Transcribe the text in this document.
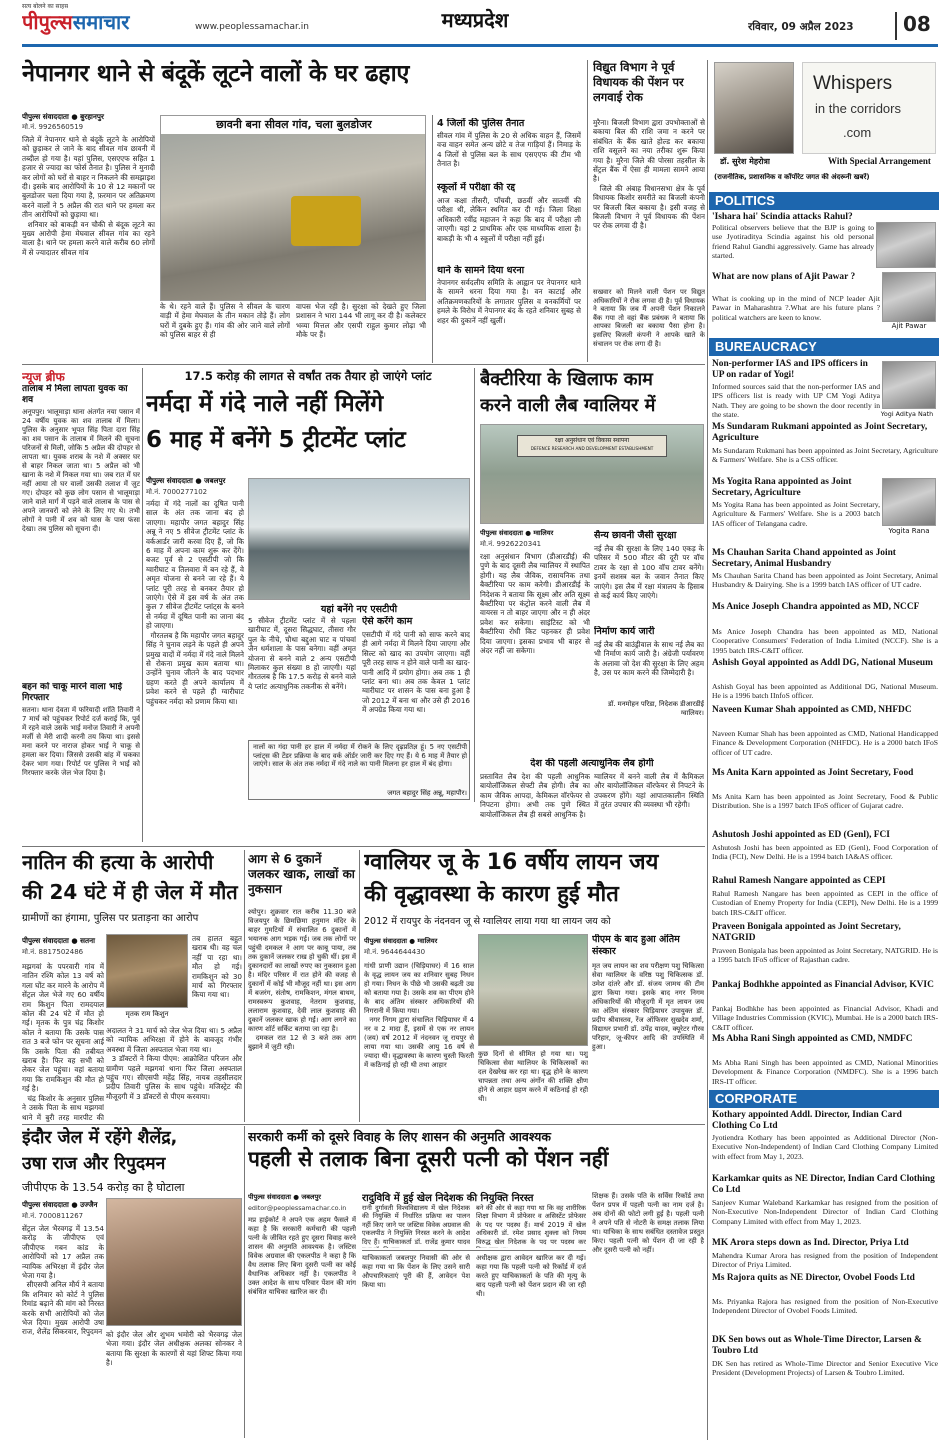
सत्य बोलने का साहस
पीपुल्ससमाचार	www.peoplessamachar.in	मध्यप्रदेश	रविवार, 09 अप्रैल 2023	08
नेपानगर थाने से बंदूकें लूटने वालों के घर ढहाए
पीपुल्स संवाददाता ● बुरहानपुर
मो.नं. 9926560519
जिले में नेपानगर थाने से बंदूकें लूटने के आरोपियों को छुड़ाकर ले जाने के बाद सीवल गांव छावनी में तब्दील हो गया है। यहां पुलिस, एसएएफ सहित 1 हजार से ज्यादा का फोर्स तैनात है। पुलिस ने मुनादी कर लोगों को घरों से बाहर न निकलने की समझाइश दी। इसके बाद आरोपियों के 10 से 12 मकानों पर बुलडोजर चला दिया गया है, फ़रमान पर अतिक्रमण करने वालों ने 5 अप्रैल की रात थाने पर हमला कर तीन आरोपियों को छुड़ाया था।
शनिवार को बाकड़ी वन चौकी से बंदूक लूटने का मुख्य आरोपी हेमा मेघवाल सीवल गांव का रहने वाला है। थाने पर हमला करने वाले करीब 60 लोगों में से ज्यादातर सीवल गांव
छावनी बना सीवल गांव, चला बुलडोजर
के थे। रहने वाले हैं। पुलिस ने सीवल के चारण वाड़ी में हेमा मेघवाल के तीन मकान तोड़े हैं। लोग घरों में दुबके हुए हैं। गांव की ओर जाने वाले लोगों को पुलिस बाहर से ही
वापस भेज रही है। सुरक्षा को देखते हुए जिला प्रशासन ने भारा 144 भी लागू कर दी है। कलेक्टर भव्या मित्तल और एसपी राहुल कुमार लोढ़ा भी मौके पर हैं।
4 जिलों की पुलिस तैनात
सीवल गांव में पुलिस के 20 से अधिक वाहन हैं, जिसमें वज्र वाहन समेत अन्य छोटे व तेज गाड़ियां हैं। निमाड़ के 4 जिलों से पुलिस बल के साथ एसएएफ की टीम भी तैनात है।
स्कूलों में परीक्षा की रद्द
आज कक्षा तीसरी, पाँचवी, छठवीं और सातवीं की परीक्षा थी, लेकिन स्थगित कर दी गई। जिला शिक्षा अधिकारी रवींद्र महाजन ने कहा कि बाद में परीक्षा ली जाएगी। यहां 2 प्राथमिक और एक माध्यमिक शाला है। बाकड़ी के भी 4 स्कूलों में परीक्षा नहीं हुई।
थाने के सामने दिया धरना
नेपानगर सर्वदलीय समिति के आह्वान पर नेपानगर थाने के सामने धरना दिया गया है। वन काटाई और अतिक्रमणकारियों के लगातार पुलिस व वनकर्मियों पर हमले के विरोध में नेपानगर बंद के रहते शनिवार सुबह से शहर की दुकानें नहीं खुलीं।
विद्युत विभाग ने पूर्व विधायक की पेंशन पर लगवाई रोक
मुरैना। बिजली विभाग द्वारा उपभोक्ताओं से बकाया बिल की राशि जमा न करने पर संबंधित के बैंक खाते होल्ड कर बकाया राशि वसूलने का नया तरीका शुरू किया गया है। मुरैना जिले की पोरसा तहसील के सेंट्रल बैंक में ऐसा ही मामला सामने आया है।
जिले की अंबाह विधानसभा क्षेत्र के पूर्व विधायक किशोर समरीते का बिजली कंपनी पर बिजली बिल बकाया है। इसी वजह से बिजली विभाग ने पूर्व विधायक की पेंशन पर रोक लगवा दी है।
सखवार को मिलने वाली पेंशन पर विद्युत अधिकारियों ने रोक लगवा दी है। पूर्व विधायक ने बताया कि जब मैं अपनी पेंशन निकालने बैंक गया तो वहां बैंक प्रबंधक ने बताया कि आपका बिजली का बकाया पैसा होना है। इसलिए बिजली कंपनी ने आपके खाते के संचालन पर रोक लगा दी है।
Whispers
in the corridors
.com
डॉ. सुरेश मेहरोत्रा	With Special Arrangement
(राजनीतिक, प्रशासनिक व कॉर्पोरेट जगत की अंदरूनी खबरें)
POLITICS
'Ishara hai' Scindia attacks Rahul?
Political observers believe that the BJP is going to use Jyotiraditya Scindia against his old personal friend Rahul Gandhi aggressively. Game has already started.
What are now plans of Ajit Pawar ?
What is cooking up in the mind of NCP leader Ajit Pawar in Maharashtra ?.What are his future plans ? political watchers are keen to know.
Ajit Pawar
BUREAUCRACY
Non-performer IAS and IPS officers in UP on radar of Yogi!
Informed sources said that the non-performer IAS and IPS officers list is ready with UP CM Yogi Aditya Nath. They are going to be shown the door recently in the state.	Yogi Aditya Nath
Ms Sundaram Rukmani appointed as Joint Secretary, Agriculture
Ms Sundaram Rukmani has been appointed as Joint Secretary, Agriculture & Farmers' Welfare. She is a CSS officer.
Ms Yogita Rana appointed as Joint Secretary, Agriculture
Ms Yogita Rana has been appointed as Joint Secretary, Agriculture & Farmers' Welfare. She is a 2003 batch IAS officer of Telangana cadre.
Yogita Rana
Ms Chauhan Sarita Chand appointed as Joint Secretary, Animal Husbandry
Ms Chauhan Sarita Chand has been appointed as Joint Secretary, Animal Husbandry & Dairying. She is a 1999 batch IAS officer of UT cadre.
Ms Anice Joseph Chandra appointed as MD, NCCF
Ms Anice Joseph Chandra has been appointed as MD, National Cooperative Consumers' Federation of India Limited (NCCF). She is a 1995 batch IRS-C&IT officer.
Ashish Goyal appointed as Addl DG, National Museum
Ashish Goyal has been appointed as Additional DG, National Museum. He is a 1996 batch IInfoS officer.
Naveen Kumar Shah appointed as CMD, NHFDC
Naveen Kumar Shah has been appointed as CMD, National Handicapped Finance & Development Corporation (NHFDC). He is a 2000 batch IFoS officer of UT cadre.
Ms Anita Karn appointed as Joint Secretary, Food
Ms Anita Karn has been appointed as Joint Secretary, Food & Public Distribution. She is a 1997 batch IFoS officer of Gujarat cadre.
Ashutosh Joshi appointed as ED (Genl), FCI
Ashutosh Joshi has been appointed as ED (Genl), Food Corporation of India (FCI), New Delhi. He is a 1994 batch IA&AS officer.
Rahul Ramesh Nangare appointed as CEPI
Rahul Ramesh Nangare has been appointed as CEPI in the office of Custodian of Enemy Property for India (CEPI), New Delhi. He is a 1999 batch IRS-C&IT officer.
Praveen Bonigala appointed as Joint Secretary, NATGRID
Praveen Bonigala has been appointed as Joint Secretary, NATGRID. He is a 1995 batch IFoS officer of Rajasthan cadre.
Pankaj Bodhkhe appointed as Financial Advisor, KVIC
Pankaj Bodhkhe has been appointed as Financial Advisor, Khadi and Village Industries Commission (KVIC), Mumbai. He is a 2000 batch IRS-C&IT officer.
Ms Abha Rani Singh appointed as CMD, NMDFC
Ms Abha Rani Singh has been appointed as CMD, National Minorities Development & Finance Corporation (NMDFC). She is a 1996 batch IRS-IT officer.
CORPORATE
Kothary appointed Addl. Director, Indian Card Clothing Co Ltd
Jyotiendra Kothary has been appointed as Additional Director (Non-Executive Non-Independent) of Indian Card Clothing Company Limited with effect from May 1, 2023.
Karkamkar quits as NE Director, Indian Card Clothing Co Ltd
Sanjeev Kumar Waleband Karkamkar has resigned from the position of Non-Executive Non-Independent Director of Indian Card Clothing Company Limited with effect from May 1, 2023.
MK Arora steps down as Ind. Director, Priya Ltd
Mahendra Kumar Arora has resigned from the position of Independent Director of Priya Limited.
Ms Rajora quits as NE Director, Ovobel Foods Ltd
Ms. Priyanka Rajora has resigned from the position of Non-Executive Independent Director of Ovobel Foods Limited.
DK Sen bows out as Whole-Time Director, Larsen & Toubro Ltd
DK Sen has retired as Whole-Time Director and Senior Executive Vice President (Development Projects) of Larsen & Toubro Limited.
न्यूज ब्रीफ
तालाब में मिला लापता युवक का शव
अनूपपुर। भालूमाड़ा थाना अंतर्गत नया पसान में 24 वर्षीय युवक का शव तालाब में मिला। पुलिस के अनुसार भूपत सिंह पिता दारा सिंह का शव पसान के तालाब में मिलने की सूचना परिजनों से मिली, जोकि 5 अप्रैल की दोपहर से लापता था। युवक शराब के नशे में अक्सर घर से बाहर निकल जाता था। 5 अप्रैल को भी खाना के नशे में निकल गया था। जब रात में घर नहीं आया तो घर वालों उसकी तलाश में जुट गए। दोपहर को कुछ लोग पसान से भालूमाड़ा जाने वाले मार्ग में पड़ने वाले तालाब के पास से अपने जानवरों को लेने के लिए गए थे। तभी लोगों ने पानी में शव को घास के पास फंसा देखा। तब पुलिस को सूचना दी।
बहन को चाकू मारने वाला भाई गिरफ्तार
सतना। थाना देवता में फरियादी शांति तिवारी ने 7 मार्च को पहुंचकर रिपोर्ट दर्ज कराई कि, पूर्व में रहने वाले उसके भाई मनोज तिवारी ने अपनी मर्जी से मेरी शादी करनी तय किया था। इससे मना करने पर नाराज होकर भाई ने चाकू से हमला कर दिया। जिससे उसकी बांह में चकका देकर भाग गया। रिपोर्ट पर पुलिस ने भाई को गिरफ्तार करके जेल भेज दिया है।
17.5 करोड़ की लागत से वर्षांत तक तैयार हो जाएंगे प्लांट
नर्मदा में गंदे नाले नहीं मिलेंगे
6 माह में बनेंगे 5 ट्रीटमेंट प्लांट
पीपुल्स संवाददाता ● जबलपुर
मो.नं. 7000277102
नर्मदा में गंदे नालों का दूषित पानी साल के अंत तक जाना बंद हो जाएगा। महापौर जगत बहादुर सिंह अन्नू ने नए 5 सीवेज ट्रीटमेंट प्लांट के वर्कआर्डर जारी करवा दिए हैं, जो कि 6 माह में अपना काम शुरू कर देंगे। बजट पूर्व से 2 एसटीपी जो कि ग्वारीघाट व तिलवारा में बन रहे हैं, वे अमृत योजना से बनने जा रहे हैं। ये प्लांट पूरी तरह से बनकर तैयार हो जाएंगे। ऐसे में इस वर्ष के अंत तक कुल 7 सीवेज ट्रीटमेंट प्लांट्स के बनने से नर्मदा में दूषित पानी का जाना बंद हो जाएगा।
गौरतलब है कि महापौर जगत बहादुर सिंह ने चुनाव लड़ने के पहले ही अपने प्रमुख वादों में नर्मदा में गंदे नाले मिलने से रोकना प्रमुख काम बताया था। उन्होंने चुनाव जीतने के बाद पदभार ग्रहण करते ही अपने कार्यालय में प्रवेश करने से पहले ही ग्वारीघाट पहुंचकर नर्मदा को प्रणाम किया था।
यहां बनेंगे नए एसटीपी
5 सीवेज ट्रीटमेंट प्लांट में से पहला खारीघाट में, दूसरा सिद्धघाट, तीसरा गौर पुल के नीचे, चौथा बद्दुआ घाट व पांचवां जैन धर्मशाला के पास बनेगा। वहीं अमृत योजना से बनने वाले 2 अन्य एसटीपी मिलाकर कुल संख्या 8 हो जाएगी। यहां गौरतलब है कि 17.5 करोड़ से बनने वाले ये प्लांट अत्याधुनिक तकनीक से बनेंगे।
ऐसे करेंगे काम
एसटीपी में गंदे पानी को साफ करने बाद ही आगे नर्मदा में मिलने दिया जाएगा और सिल्ट को खाद का उपयोग जाएगा। वहीं पूरी तरह साफ न होने वाले पानी का खाद-पानी आदि में प्रयोग होगा। अब तक 1 ही प्लांट बना था। अब तक केवल 1 प्लांट ग्वारीघाट पर शासन के पास बना हुआ है जो 2012 में बना था और उसे ही 2016 में अपग्रेड किया गया था।
नालों का गंदा पानी हर हाल में नर्मदा में रोकने के लिए दृढ़प्रतिज्ञ हूं। 5 नए एसटीपी प्लांट्स की टेंडर प्रक्रिया के बाद वर्क ऑर्डर जारी कर दिए गए हैं। ये 6 माह में तैयार हो जाएंगे। साल के अंत तक नर्मदा में गंदे नाले का पानी मिलना हर हाल में बंद होगा।
जगत बहादुर सिंह अन्नू, महापौर।
बैक्टीरिया के खिलाफ काम
करने वाली लैब ग्वालियर में
रक्षा अनुसंधान एवं विकास स्थापना
DEFENCE RESEARCH AND DEVELOPMENT ESTABLISHMENT
पीपुल्स संवाददाता ● ग्वालियर
मो.नं. 9926220341
रक्षा अनुसंधान विभाग (डीआरडीई) की पुणे के बाद दूसरी लैब ग्वालियर में स्थापित होगी। यह लैब जैविक, रासायनिक तथा बैक्टीरिया पर काम करेगी। डीआरडीई के निदेशक ने बताया कि सूक्ष्म और अति सूक्ष्म बैक्टीरिया पर कंट्रोल करने वाली लैब में वायरस न तो बाहर जाएगा और न ही अंदर प्रवेश कर सकेगा। साइंटिस्ट को भी बैक्टीरिया रोधी किट पहनकर ही प्रवेश दिया जाएगा। इसका प्रभाव भी बाहर से अंदर नहीं जा सकेगा।
सैन्य छावनी जैसी सुरक्षा
नई लैब की सुरक्षा के लिए 140 एकड़ के परिसर में 500 मीटर की दूरी पर वॉच टावर के रक्षा से 100 वॉच टावर बनेंगे। इनमें सशस्त्र बल के जवान तैनात किए जाएंगे। इस लैब में रक्षा मंत्रालय के हिसाब से कई कार्य किए जाएंगे।
निर्माण कार्य जारी
नई लैब की बाउंड्रीवाल के साथ नई लैब का भी निर्माण कार्य जारी है। अंग्रेजी पर्यावरण के अलावा जो देश की सुरक्षा के लिए अहम है, उस पर काम करने की जिम्मेदारी है।
डॉ. मनमोहन परिडा, निदेशक डीआरडीई ग्वालियर।
देश की पहली अत्याधुनिक लैब होगी
प्रस्तावित लैब देश की पहली आधुनिक बायोलॉजिकल सेफ्टी लैब होगी। लैब का काम जैविक आपदा, केमिकल वॉरफेयर से निपटना होगा। अभी तक पुणे स्थित बायोलॉजिकल लैब ही सबसे आधुनिक है।
ग्वालियर में बनने वाली लैब में कैमिकल और बायोलॉजिकल वॉरफेयर से निपटने के उपकरण होंगे। यहां आपातकालीन स्थिति में तुरंत उपचार की व्यवस्था भी रहेगी।
नातिन की हत्या के आरोपी
की 24 घंटे में ही जेल में मौत
ग्रामीणों का हंगामा, पुलिस पर प्रताड़ना का आरोप
पीपुल्स संवाददाता ● सतना
मो.नं. 8817502486
मृतक राम किशुन
तब हालत बहुत खराब थी। वह चल नहीं पा रहा था। मौत हो गई। रामकिशुन को 30 मार्च को गिरफ्तार किया गया था।
मझगवां के पपरवारी गांव में नातिन रश्मि कोल 13 वर्ष को गला घोंट कर मारने के आरोप में सेंट्रल जेल भेजे गए 60 वर्षीय राम किशुन पिता रामदयाल कोल की 24 घंटे में मौत हो गई। मृतक के पुत्र चंद्र किशोर कोल ने बताया कि उसके पास रात 3 बजे फोन पर सूचना आई कि उसके पिता की तबीयत खराब है। फिर वह सभी को लेकर जेल पहुंचा। वहां बताया गया कि रामकिशुन की मौत हो गई है।
चंद्र किशोर के अनुसार पुलिस ने उसके पिता के साथ मझगवां थाने में बुरी तरह मारपीट की
अदालत ने 31 मार्च को जेल भेज दिया था। 5 अप्रैल को न्यायिक अभिरक्षा में होने के बावजूद गंभीर अवस्था में जिला अस्पताल भेजा गया था।
3 डॉक्टरों ने किया पीएम: आक्रोशित परिजन और ग्रामीण पहले मझगवां थाना फिर जिला अस्पताल पहुंच गए। सीएसपी महेंद्र सिंह, नायब तहसीलदार प्रदीप तिवारी पुलिस के साथ पहुंचे। मजिस्ट्रेट की मौजूदगी में 3 डॉक्टरों से पीएम करवाया।
आग से 6 दुकानें जलकर खाक, लाखों का नुकसान
श्योपुर। शुक्रवार रात करीब 11.30 बजे विजयपुर के छिमछिमा हनुमान मंदिर के बाहर गुमटियों में संचालित 6 दुकानों में भयानक आग भड़क गई। जब तक लोगों पर पहुंची दमकल ने आग पर काबू पाया, तब तक दुकानें जलकर राख हो चुकी थीं। इस में दुकानदारों का लाखों रुपए का नुकसान हुआ है। मंदिर परिसर में रात होने की वजह से दुकानों में कोई भी मौजूद नहीं था। इस आग में बजरंग, संतोष, रामकिशन, मंगल बाथम, रामस्वरूप कुशवाह, नेतराम कुशवाह, ललाराम कुशवाह, देवी लाल कुशवाह की दुकानें जलकर खाक हो गईं। आग लगने का कारण शॉर्ट सर्किट बताया जा रहा है।
दमकल रात 12 से 3 बजे तक आग बुझाने में जुटी रही।
ग्वालियर जू के 16 वर्षीय लायन जय
की वृद्धावस्था के कारण हुई मौत
2012 में रायपुर के नंदनवन जू से ग्वालियर लाया गया था लायन जय को
पीपुल्स संवाददाता ● ग्वालियर
मो.नं. 9644644430
गांधी प्राणी उद्यान (चिड़ियाघर) में 16 साल के वृद्ध लायन जय का शनिवार सुबह निधन हो गया। निधन के पीछे भी उसकी बढ़ती उम्र को बताया गया है। उसके शव का पीएम होने के बाद अंतिम संस्कार अधिकारियों की निगरानी में किया गया।
नगर निगम द्वारा संचालित चिड़ियाघर में 4 नर व 2 मादा हैं, इसमें से एक नर लायन (जय) वर्ष 2012 में नंदनवन जू रायपुर से लाया गया था। उसकी आयु 16 वर्ष से ज्यादा थी। वृद्धावस्था के कारण चुस्ती फिरती में कठिनाई हो रही थी तथा आहार
कुछ दिनों से सीमित हो गया था। पशु चिकित्सा सेवा ग्वालियर के चिकित्सकों का दल देखरेख कर रहा था। वृद्ध होने के कारण चापन्नता तथा अन्य अंगोंन की शक्ति क्षीण होने से आहार ग्रहण करने में कठिनाई हो रही थी।
पीएम के बाद हुआ अंतिम संस्कार
मृत जय लायन का शव परीक्षण पशु चिकित्सा सेवा ग्वालियर के वरिष्ठ पशु चिकित्सक डॉ. उमेश दांतरे और डॉ. संजय जामथ की टीम द्वारा किया गया। इसके बाद नगर निगम अधिकारियों की मौजूदगी में मृत लायन जय का अंतिम संस्कार चिड़ियाघर उपायुक्त डॉ. प्रदीप श्रीवास्तव, रेंज ऑफिसर सुखदेव शर्मा, विद्याधर प्रभारी डॉ. उपेंद्र यादव, क्यूरेटर गौरव परिहार, जू-कीपर आदि की उपस्थिति में हुआ।
इंदौर जेल में रहेंगे शैलेंद्र,
उषा राज और रिपुदमन
जीपीएफ के 13.54 करोड़ का है घोटाला
पीपुल्स संवाददाता ● उज्जैन
मो.नं. 7000811267
सेंट्रल जेल भैरवगढ़ में 13.54 करोड़ के जीपीएफ एवं जीपीएफ गबन कांड के आरोपियों को 17 अप्रैल तक न्यायिक अभिरक्षा में इंदौर जेल भेजा गया है।
सीएसपी अनिल मौर्य ने बताया कि शनिवार को कोर्ट ने पुलिस रिमांड बढ़ाने की मांग को निरस्त करके सभी आरोपियों को जेल भेज दिया। मुख्य आरोपी उषा राज, शैलेंद्र सिकरवार, रिपुदमन को इंदौर जेल और शुभम भमोरी को भैरवगढ़ जेल भेजा गया। इंदौर जेल अधीक्षक अलका सोनकर ने बताया कि सुरक्षा के कारणों से यहां शिफ्ट किया गया है।
सरकारी कर्मी को दूसरे विवाह के लिए शासन की अनुमति आवश्यक
पहली से तलाक बिना दूसरी पत्नी को पेंशन नहीं
पीपुल्स संवाददाता ● जबलपुर
editor@peoplessamachar.co.in
मप्र हाईकोर्ट ने अपने एक अहम फैसले में कहा है कि सरकारी कर्मचारी की पहली पत्नी के जीवित रहते हुए दूसरा विवाह करने शासन की अनुमति आवश्यक है। जस्टिस विवेक अग्रवाल की एकलपीठ ने कहा है कि वैध तलाक लिए बिना दूसरी पत्नी का कोई वैधानिक अधिकार नहीं है। एकलपीठ ने उक्त आदेश के साथ परिवार पेंशन की मांग संबंधित याचिका खारिज कर दी।
रादुविवि में हुई खेल निदेशक की नियुक्ति निरस्त
रानी दुर्गावती विश्वविद्यालय में खेल निदेशक की नियुक्ति में निर्धारित प्रक्रिया का पालन नहीं किए जाने पर जस्टिस विवेक अग्रवाल की एकलपीठ ने नियुक्ति निरस्त करने के आदेश दिए हैं। याचिकाकर्ता डॉ. राजेंद्र कुमार यादव
बने की ओर से कहा गया था कि वह शारीरिक शिक्षा विभाग में प्रोफेसर व असिस्टेंट प्रोफेसर के पद पर पदस्थ हैं। मार्च 2019 में खेल अधिकारी डॉ. रमेश प्रसाद शुक्ला को नियम विरुद्ध खेल निदेशक के पद पर पदस्थ कर
याचिकाकर्ता जबलपुर निवासी की ओर से कहा गया था कि पेंशन के लिए उसने सारी औपचारिकताएं पूरी की हैं, आवेदन पेश किया था।
अधीक्षक द्वारा आवेदन खारिज कर दी गई। कहा गया कि पहली पत्नी को रिकॉर्ड में दर्ज करते हुए याचिकाकर्ता के पति की मृत्यु के बाद पहली पत्नी को पेंशन प्रदान की जा रही थी।
शिक्षक हैं। उसके पति के सर्विस रिकॉर्ड तथा पेंशन प्रपत्र में पहली पत्नी का नाम दर्ज है। अब दोनों की फोटो लगी हुई है। पहली पत्नी ने अपने पति से नोटरी के समक्ष तलाक लिया था। याचिका के साथ सबंधित दस्तावेज प्रस्तुत किए। पहली पत्नी को पेंशन दी जा रही है और दूसरी पत्नी को नहीं।
